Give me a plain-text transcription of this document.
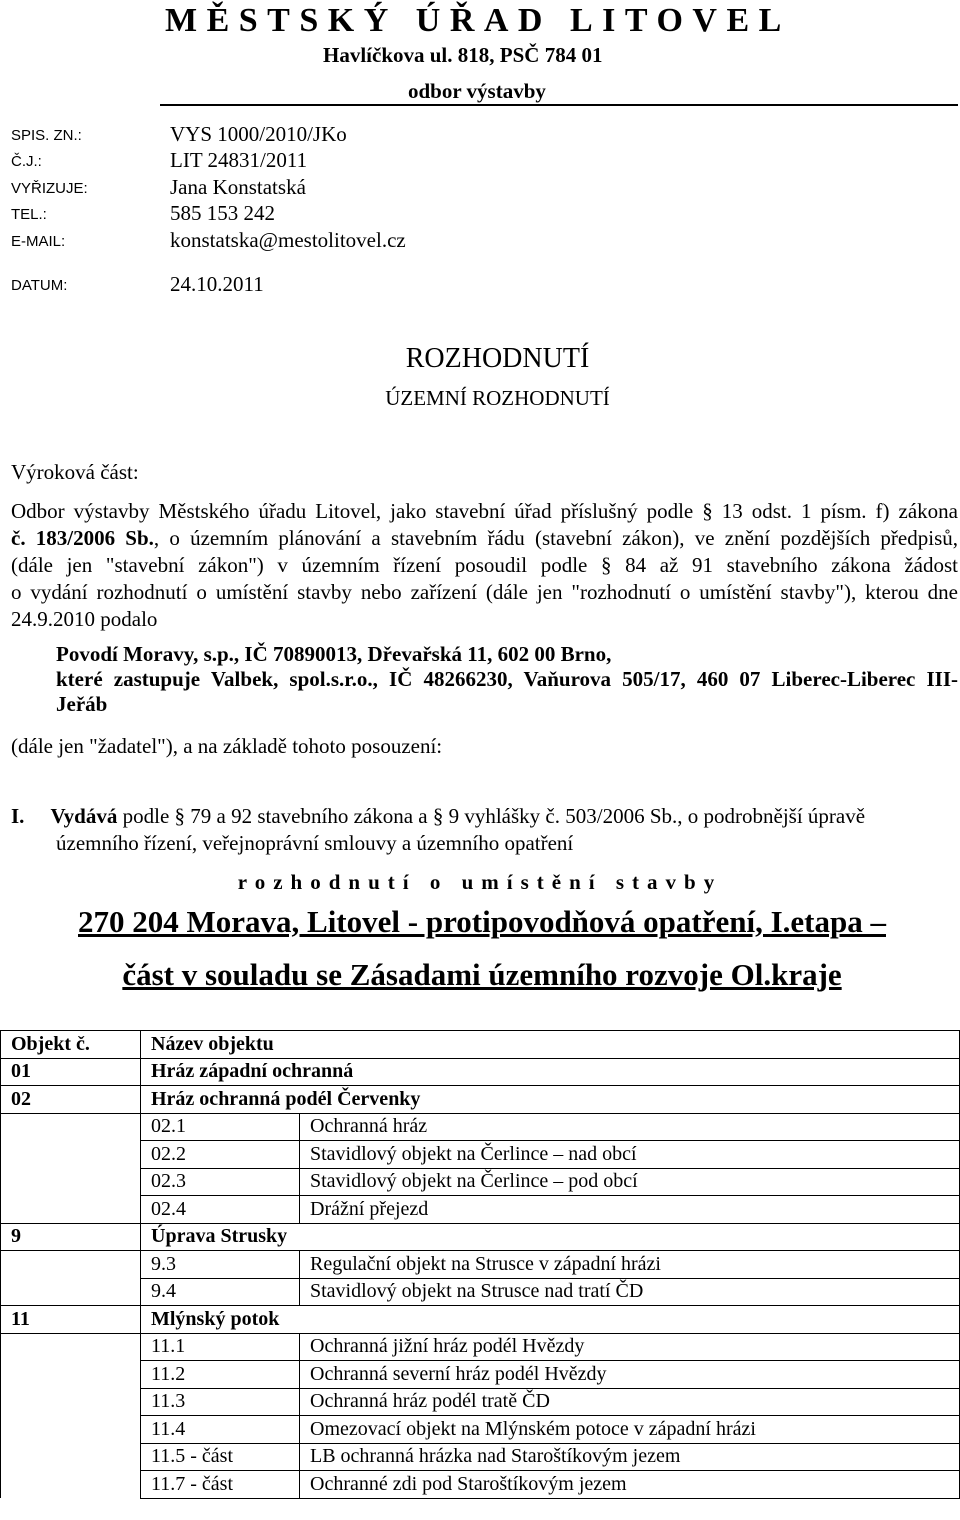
MĚSTSKÝ ÚŘAD LITOVEL
Havlíčkova ul. 818, PSČ 784 01
odbor výstavby
SPIS. ZN.:	VYS 1000/2010/JKo
Č.J.:	LIT 24831/2011
VYŘIZUJE:	Jana Konstatská
TEL.:	585 153 242
E-MAIL:	konstatska@mestolitovel.cz
DATUM:	24.10.2011
ROZHODNUTÍ
ÚZEMNÍ ROZHODNUTÍ
Výroková část:
Odbor výstavby Městského úřadu Litovel, jako stavební úřad příslušný podle § 13 odst. 1 písm. f) zákona
č. 183/2006 Sb., o územním plánování a stavebním řádu (stavební zákon), ve znění pozdějších předpisů,
(dále jen "stavební zákon") v územním řízení posoudil podle § 84 až 91 stavebního zákona žádost
o vydání rozhodnutí o umístění stavby nebo zařízení (dále jen "rozhodnutí o umístění stavby"), kterou dne
24.9.2010 podalo
Povodí Moravy, s.p., IČ 70890013, Dřevařská 11, 602 00 Brno,
které zastupuje Valbek, spol.s.r.o., IČ 48266230, Vaňurova 505/17, 460 07 Liberec-Liberec III-
Jeřáb
(dále jen "žadatel"), a na základě tohoto posouzení:
I. Vydává podle § 79 a 92 stavebního zákona a § 9 vyhlášky č. 503/2006 Sb., o podrobnější úpravě
územního řízení, veřejnoprávní smlouvy a územního opatření
rozhodnutí o umístění stavby
270 204 Morava, Litovel - protipovodňová opatření, I.etapa –
část v souladu se Zásadami územního rozvoje Ol.kraje
Objekt č.	Název objektu	
01	Hráz západní ochranná	
02	Hráz ochranná podél Červenky	
	02.1	Ochranná hráz
	02.2	Stavidlový objekt na Čerlince – nad obcí
	02.3	Stavidlový objekt na Čerlince – pod obcí
	02.4	Drážní přejezd
9	Úprava Strusky	
	9.3	Regulační objekt na Strusce v západní hrázi
	9.4	Stavidlový objekt na Strusce nad tratí ČD
11	Mlýnský potok	
	11.1	Ochranná jižní hráz podél Hvězdy
	11.2	Ochranná severní hráz podél Hvězdy
	11.3	Ochranná hráz podél tratě ČD
	11.4	Omezovací objekt na Mlýnském potoce v západní hrázi
	11.5 - část	LB ochranná hrázka nad Staroštíkovým jezem
	11.7 - část	Ochranné zdi pod Staroštíkovým jezem
